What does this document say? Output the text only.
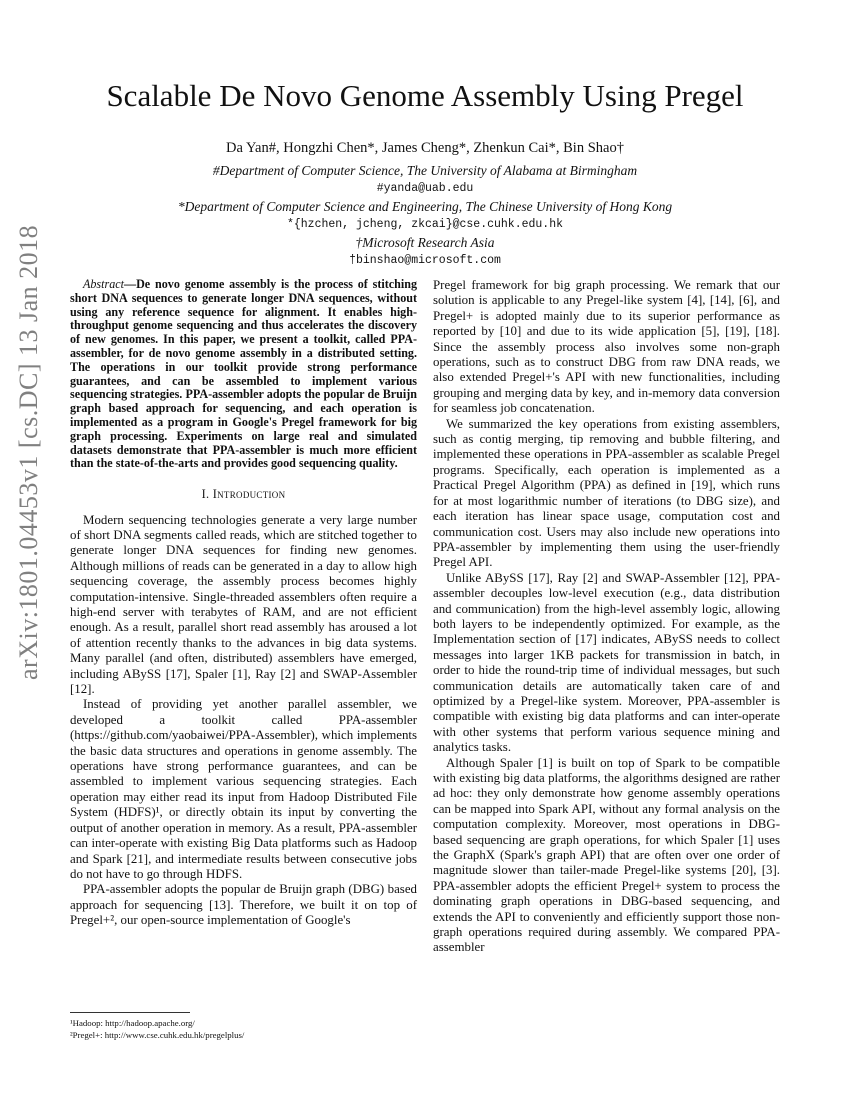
arXiv:1801.04453v1 [cs.DC] 13 Jan 2018
Scalable De Novo Genome Assembly Using Pregel
Da Yan#, Hongzhi Chen*, James Cheng*, Zhenkun Cai*, Bin Shao†
#Department of Computer Science, The University of Alabama at Birmingham
#yanda@uab.edu
*Department of Computer Science and Engineering, The Chinese University of Hong Kong
*{hzchen, jcheng, zkcai}@cse.cuhk.edu.hk
†Microsoft Research Asia
†binshao@microsoft.com

Abstract—De novo genome assembly is the process of stitching short DNA sequences to generate longer DNA sequences, without using any reference sequence for alignment. It enables high-throughput genome sequencing and thus accelerates the discovery of new genomes. In this paper, we present a toolkit, called PPA-assembler, for de novo genome assembly in a distributed setting. The operations in our toolkit provide strong performance guarantees, and can be assembled to implement various sequencing strategies. PPA-assembler adopts the popular de Bruijn graph based approach for sequencing, and each operation is implemented as a program in Google's Pregel framework for big graph processing. Experiments on large real and simulated datasets demonstrate that PPA-assembler is much more efficient than the state-of-the-arts and provides good sequencing quality.

I. Introduction

Modern sequencing technologies generate a very large number of short DNA segments called reads, which are stitched together to generate longer DNA sequences for finding new genomes. Although millions of reads can be generated in a day to allow high sequencing coverage, the assembly process becomes highly computation-intensive. Single-threaded assemblers often require a high-end server with terabytes of RAM, and are not efficient enough. As a result, parallel short read assembly has aroused a lot of attention recently thanks to the advances in big data systems. Many parallel (and often, distributed) assemblers have emerged, including ABySS [17], Spaler [1], Ray [2] and SWAP-Assembler [12].

Instead of providing yet another parallel assembler, we developed a toolkit called PPA-assembler (https://github.com/yaobaiwei/PPA-Assembler), which implements the basic data structures and operations in genome assembly. The operations have strong performance guarantees, and can be assembled to implement various sequencing strategies. Each operation may either read its input from Hadoop Distributed File System (HDFS)¹, or directly obtain its input by converting the output of another operation in memory. As a result, PPA-assembler can inter-operate with existing Big Data platforms such as Hadoop and Spark [21], and intermediate results between consecutive jobs do not have to go through HDFS.

PPA-assembler adopts the popular de Bruijn graph (DBG) based approach for sequencing [13]. Therefore, we built it on top of Pregel+², our open-source implementation of Google's

Pregel framework for big graph processing. We remark that our solution is applicable to any Pregel-like system [4], [14], [6], and Pregel+ is adopted mainly due to its superior performance as reported by [10] and due to its wide application [5], [19], [18]. Since the assembly process also involves some non-graph operations, such as to construct DBG from raw DNA reads, we also extended Pregel+'s API with new functionalities, including grouping and merging data by key, and in-memory data conversion for seamless job concatenation.

We summarized the key operations from existing assemblers, such as contig merging, tip removing and bubble filtering, and implemented these operations in PPA-assembler as scalable Pregel programs. Specifically, each operation is implemented as a Practical Pregel Algorithm (PPA) as defined in [19], which runs for at most logarithmic number of iterations (to DBG size), and each iteration has linear space usage, computation cost and communication cost. Users may also include new operations into PPA-assembler by implementing them using the user-friendly Pregel API.

Unlike ABySS [17], Ray [2] and SWAP-Assembler [12], PPA-assembler decouples low-level execution (e.g., data distribution and communication) from the high-level assembly logic, allowing both layers to be independently optimized. For example, as the Implementation section of [17] indicates, ABySS needs to collect messages into larger 1KB packets for transmission in batch, in order to hide the round-trip time of individual messages, but such communication details are automatically taken care of and optimized by a Pregel-like system. Moreover, PPA-assembler is compatible with existing big data platforms and can inter-operate with other systems that perform various sequence mining and analytics tasks.

Although Spaler [1] is built on top of Spark to be compatible with existing big data platforms, the algorithms designed are rather ad hoc: they only demonstrate how genome assembly operations can be mapped into Spark API, without any formal analysis on the computation complexity. Moreover, most operations in DBG-based sequencing are graph operations, for which Spaler [1] uses the GraphX (Spark's graph API) that are often over one order of magnitude slower than tailer-made Pregel-like systems [20], [3]. PPA-assembler adopts the efficient Pregel+ system to process the dominating graph operations in DBG-based sequencing, and extends the API to conveniently and efficiently support those non-graph operations required during assembly. We compared PPA-assembler

¹Hadoop: http://hadoop.apache.org/
²Pregel+: http://www.cse.cuhk.edu.hk/pregelplus/
